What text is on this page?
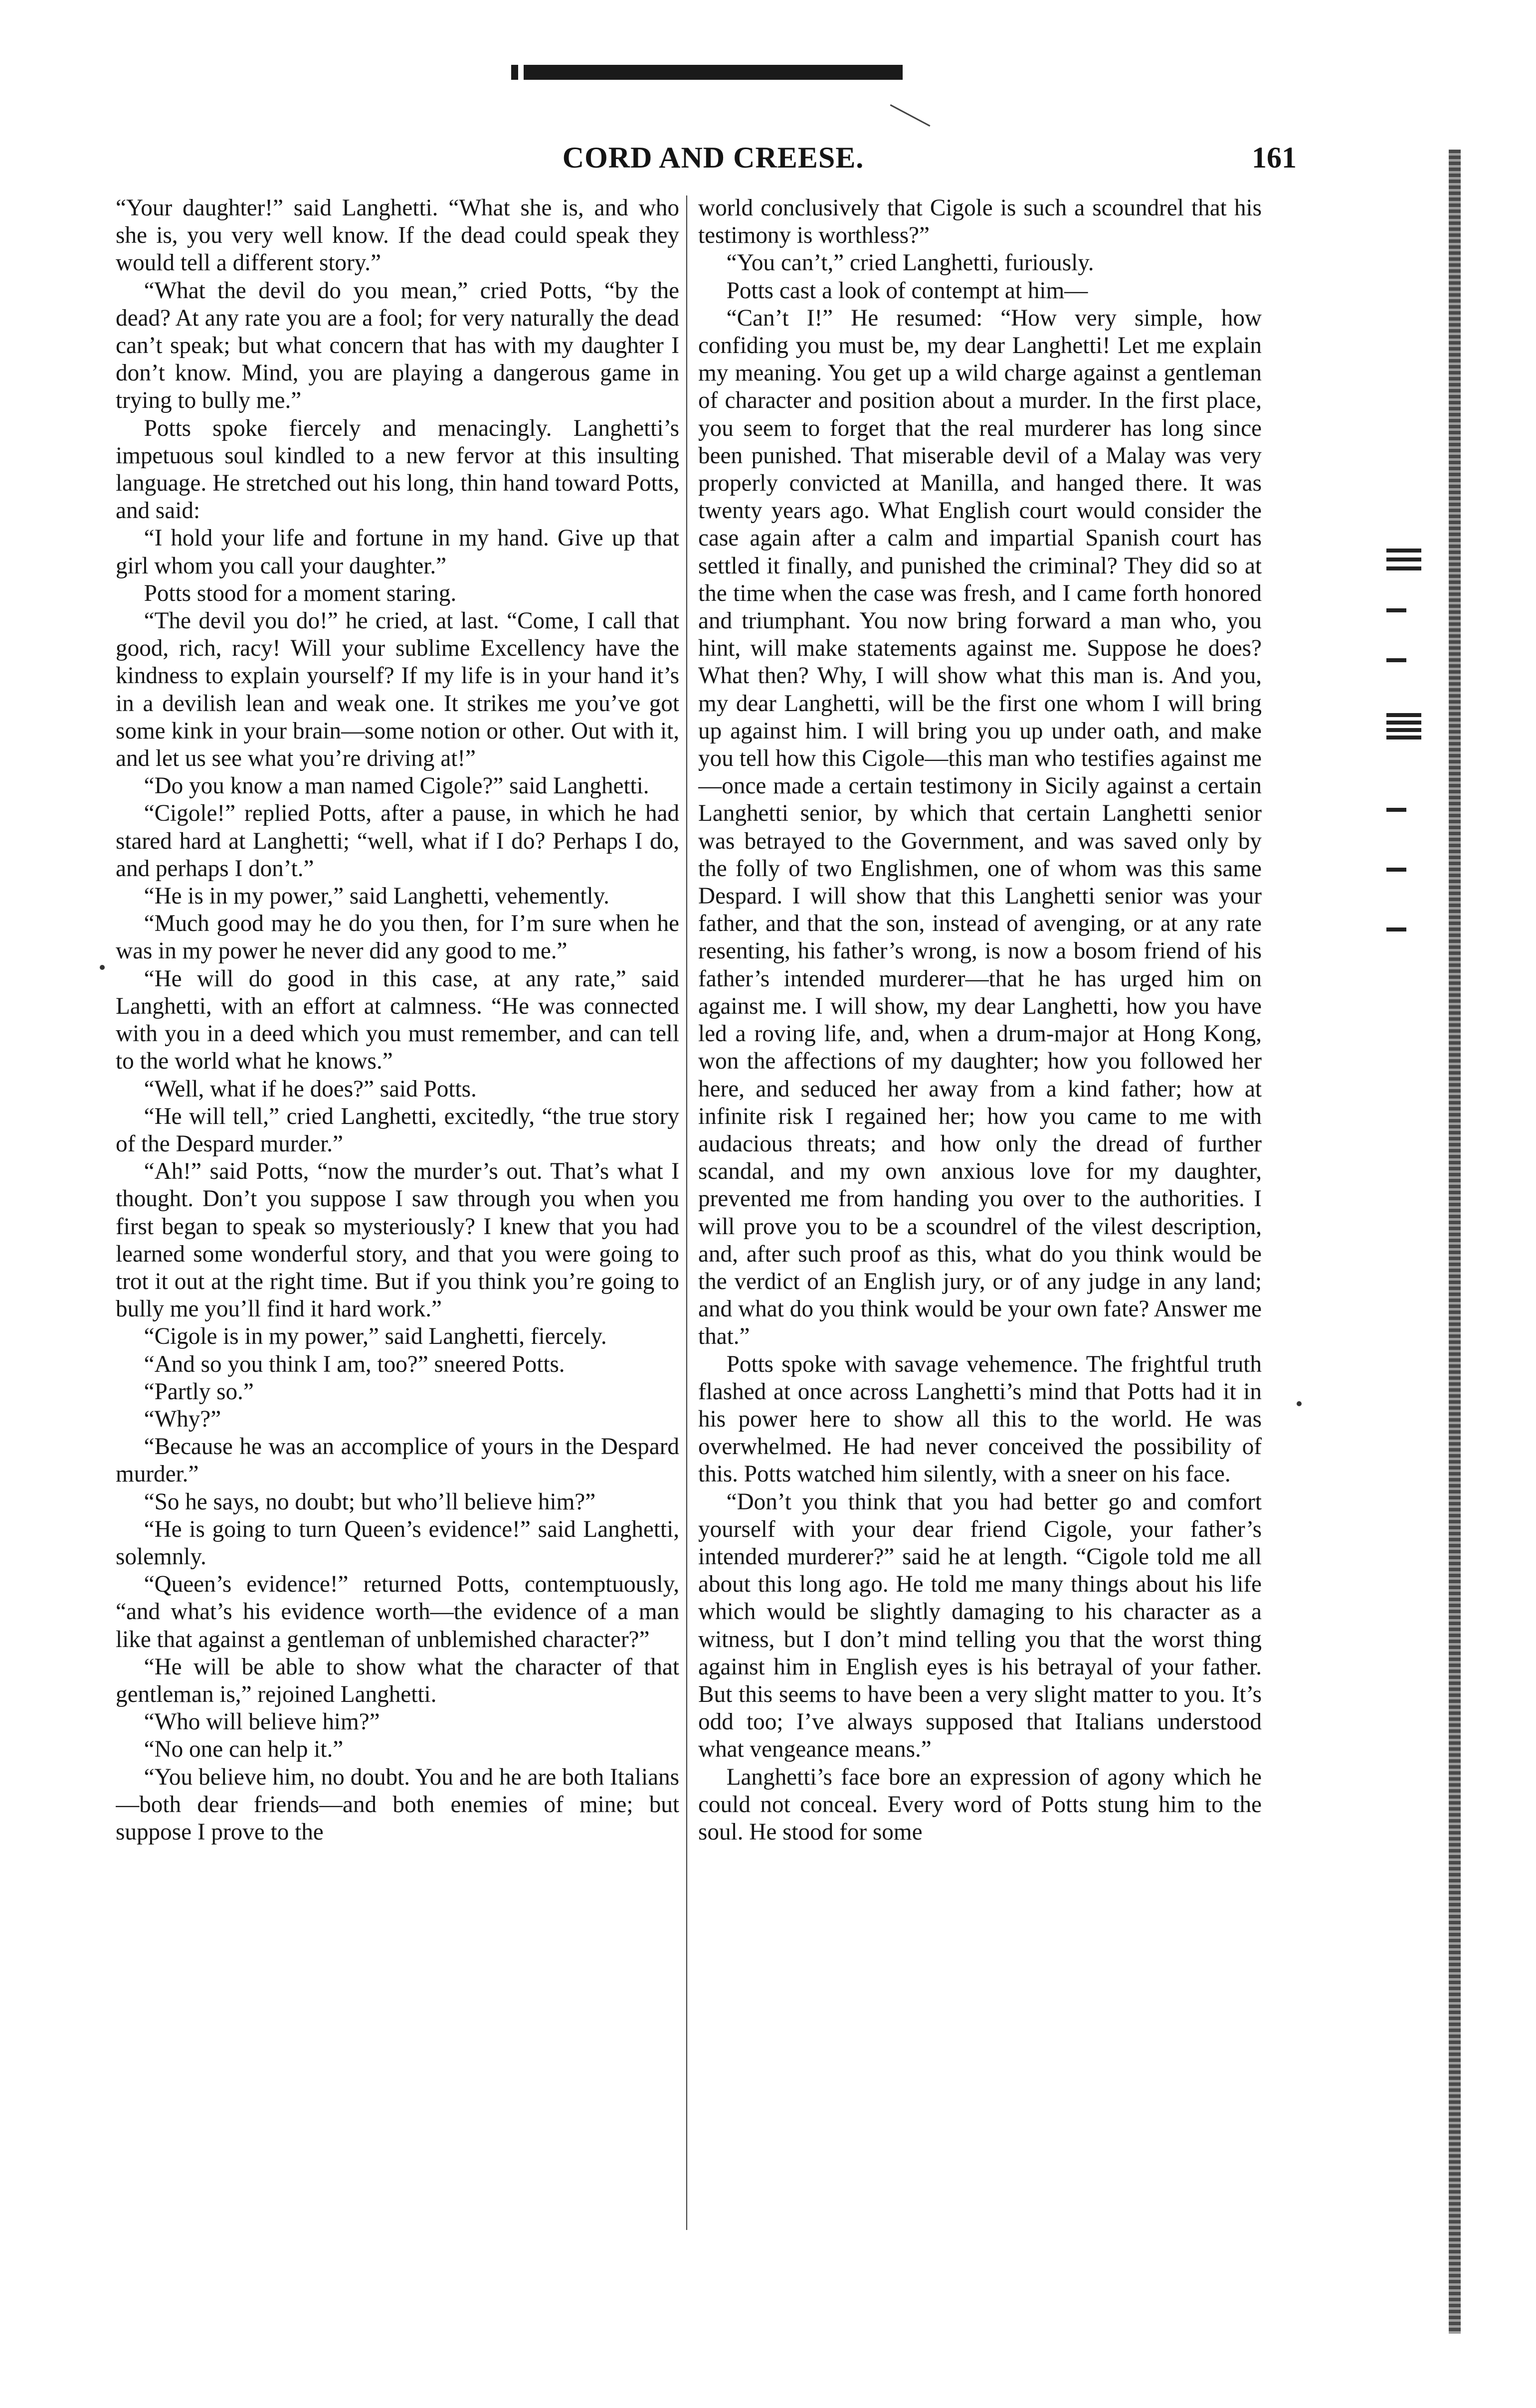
CORD AND CREESE.	161

“Your daughter!” said Langhetti. “What she is, and who she is, you very well know. If the dead could speak they would tell a different story.”

“What the devil do you mean,” cried Potts, “by the dead? At any rate you are a fool; for very naturally the dead can’t speak; but what concern that has with my daughter I don’t know. Mind, you are playing a dangerous game in trying to bully me.”

Potts spoke fiercely and menacingly. Langhetti’s impetuous soul kindled to a new fervor at this insulting language. He stretched out his long, thin hand toward Potts, and said:

“I hold your life and fortune in my hand. Give up that girl whom you call your daughter.”

Potts stood for a moment staring.

“The devil you do!” he cried, at last. “Come, I call that good, rich, racy! Will your sublime Excellency have the kindness to explain yourself? If my life is in your hand it’s in a devilish lean and weak one. It strikes me you’ve got some kink in your brain—some notion or other. Out with it, and let us see what you’re driving at!”

“Do you know a man named Cigole?” said Langhetti.

“Cigole!” replied Potts, after a pause, in which he had stared hard at Langhetti; “well, what if I do? Perhaps I do, and perhaps I don’t.”

“He is in my power,” said Langhetti, vehemently.

“Much good may he do you then, for I’m sure when he was in my power he never did any good to me.”

“He will do good in this case, at any rate,” said Langhetti, with an effort at calmness. “He was connected with you in a deed which you must remember, and can tell to the world what he knows.”

“Well, what if he does?” said Potts.

“He will tell,” cried Langhetti, excitedly, “the true story of the Despard murder.”

“Ah!” said Potts, “now the murder’s out. That’s what I thought. Don’t you suppose I saw through you when you first began to speak so mysteriously? I knew that you had learned some wonderful story, and that you were going to trot it out at the right time. But if you think you’re going to bully me you’ll find it hard work.”

“Cigole is in my power,” said Langhetti, fiercely.

“And so you think I am, too?” sneered Potts.

“Partly so.”

“Why?”

“Because he was an accomplice of yours in the Despard murder.”

“So he says, no doubt; but who’ll believe him?”

“He is going to turn Queen’s evidence!” said Langhetti, solemnly.

“Queen’s evidence!” returned Potts, contemptuously, “and what’s his evidence worth—the evidence of a man like that against a gentleman of unblemished character?”

“He will be able to show what the character of that gentleman is,” rejoined Langhetti.

“Who will believe him?”

“No one can help it.”

“You believe him, no doubt. You and he are both Italians—both dear friends—and both enemies of mine; but suppose I prove to the

world conclusively that Cigole is such a scoundrel that his testimony is worthless?”

“You can’t,” cried Langhetti, furiously.

Potts cast a look of contempt at him—

“Can’t I!” He resumed: “How very simple, how confiding you must be, my dear Langhetti! Let me explain my meaning. You get up a wild charge against a gentleman of character and position about a murder. In the first place, you seem to forget that the real murderer has long since been punished. That miserable devil of a Malay was very properly convicted at Manilla, and hanged there. It was twenty years ago. What English court would consider the case again after a calm and impartial Spanish court has settled it finally, and punished the criminal? They did so at the time when the case was fresh, and I came forth honored and triumphant. You now bring forward a man who, you hint, will make statements against me. Suppose he does? What then? Why, I will show what this man is. And you, my dear Langhetti, will be the first one whom I will bring up against him. I will bring you up under oath, and make you tell how this Cigole—this man who testifies against me—once made a certain testimony in Sicily against a certain Langhetti senior, by which that certain Langhetti senior was betrayed to the Government, and was saved only by the folly of two Englishmen, one of whom was this same Despard. I will show that this Langhetti senior was your father, and that the son, instead of avenging, or at any rate resenting, his father’s wrong, is now a bosom friend of his father’s intended murderer—that he has urged him on against me. I will show, my dear Langhetti, how you have led a roving life, and, when a drum-major at Hong Kong, won the affections of my daughter; how you followed her here, and seduced her away from a kind father; how at infinite risk I regained her; how you came to me with audacious threats; and how only the dread of further scandal, and my own anxious love for my daughter, prevented me from handing you over to the authorities. I will prove you to be a scoundrel of the vilest description, and, after such proof as this, what do you think would be the verdict of an English jury, or of any judge in any land; and what do you think would be your own fate? Answer me that.”

Potts spoke with savage vehemence. The frightful truth flashed at once across Langhetti’s mind that Potts had it in his power here to show all this to the world. He was overwhelmed. He had never conceived the possibility of this. Potts watched him silently, with a sneer on his face.

“Don’t you think that you had better go and comfort yourself with your dear friend Cigole, your father’s intended murderer?” said he at length. “Cigole told me all about this long ago. He told me many things about his life which would be slightly damaging to his character as a witness, but I don’t mind telling you that the worst thing against him in English eyes is his betrayal of your father. But this seems to have been a very slight matter to you. It’s odd too; I’ve always supposed that Italians understood what vengeance means.”

Langhetti’s face bore an expression of agony which he could not conceal. Every word of Potts stung him to the soul. He stood for some
